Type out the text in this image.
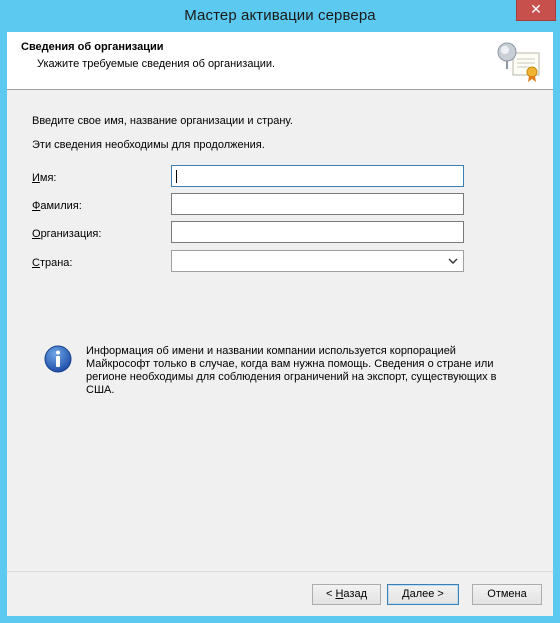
Мастер активации сервера	✕
Сведения об организации
Укажите требуемые сведения об организации.
Введите свое имя, название организации и страну.
Эти сведения необходимы для продолжения.
Имя:
Фамилия:
Организация:
Страна:
Информация об имени и названии компании используется корпорацией Майкрософт только в случае, когда вам нужна помощь. Сведения о стране или регионе необходимы для соблюдения ограничений на экспорт, существующих в США.
< Назад	Далее >	Отмена
